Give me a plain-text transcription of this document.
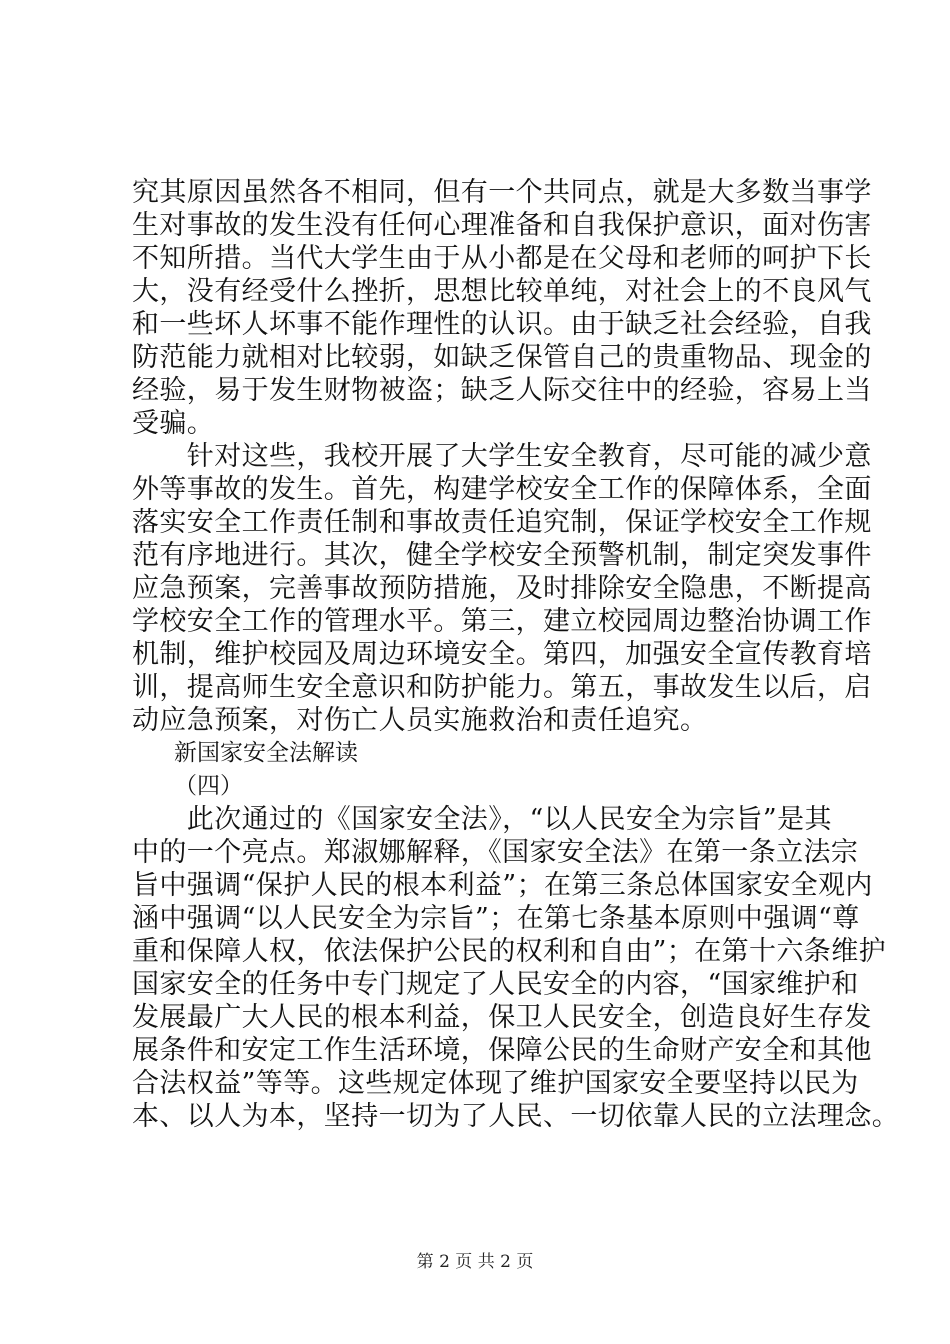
究其原因虽然各不相同，但有一个共同点，就是大多数当事学
生对事故的发生没有任何心理准备和自我保护意识，面对伤害
不知所措。当代大学生由于从小都是在父母和老师的呵护下长
大，没有经受什么挫折，思想比较单纯，对社会上的不良风气
和一些坏人坏事不能作理性的认识。由于缺乏社会经验，自我
防范能力就相对比较弱，如缺乏保管自己的贵重物品、现金的
经验，易于发生财物被盗；缺乏人际交往中的经验，容易上当
受骗。
　　针对这些，我校开展了大学生安全教育，尽可能的减少意
外等事故的发生。首先，构建学校安全工作的保障体系，全面
落实安全工作责任制和事故责任追究制，保证学校安全工作规
范有序地进行。其次，健全学校安全预警机制，制定突发事件
应急预案，完善事故预防措施，及时排除安全隐患，不断提高
学校安全工作的管理水平。第三，建立校园周边整治协调工作
机制，维护校园及周边环境安全。第四，加强安全宣传教育培
训，提高师生安全意识和防护能力。第五，事故发生以后，启
动应急预案，对伤亡人员实施救治和责任追究。
新国家安全法解读
（四）
　　此次通过的《国家安全法》，“以人民安全为宗旨”是其
中的一个亮点。郑淑娜解释，《国家安全法》在第一条立法宗
旨中强调“保护人民的根本利益”；在第三条总体国家安全观内
涵中强调“以人民安全为宗旨”；在第七条基本原则中强调“尊
重和保障人权，依法保护公民的权利和自由”；在第十六条维护
国家安全的任务中专门规定了人民安全的内容，“国家维护和
发展最广大人民的根本利益，保卫人民安全，创造良好生存发
展条件和安定工作生活环境，保障公民的生命财产安全和其他
合法权益”等等。这些规定体现了维护国家安全要坚持以民为
本、以人为本，坚持一切为了人民、一切依靠人民的立法理念。
第 2 页 共 2 页
